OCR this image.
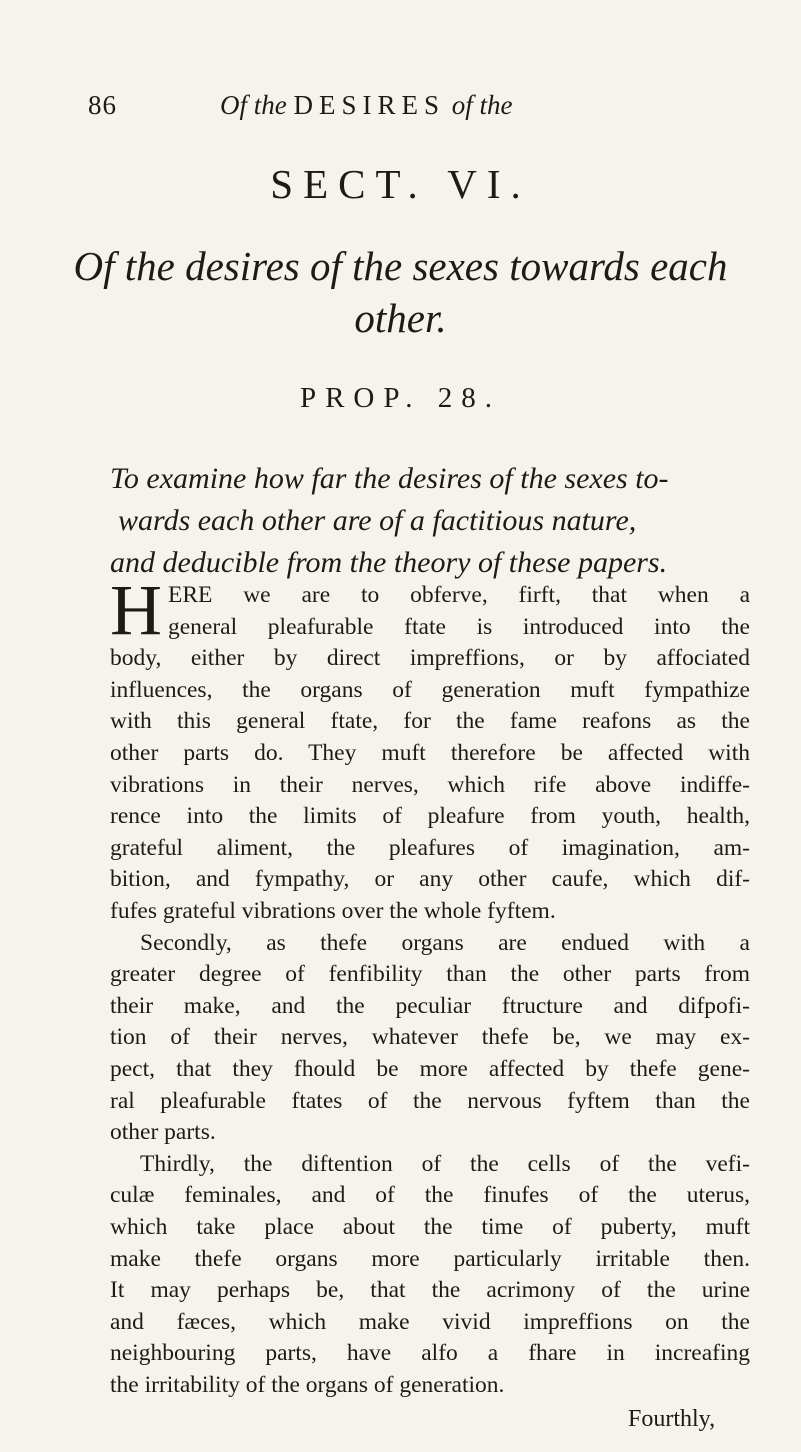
86	Of the DESIRES of the
SECT. VI.
Of the desires of the sexes towards each
other.
PROP. 28.
To examine how far the desires of the sexes to-
wards each other are of a factitious nature,
and deducible from the theory of these papers.
H ERE we are to obferve, firft, that when a
general pleafurable ftate is introduced into the
body, either by direct impreffions, or by affociated
influences, the organs of generation muft fympathize
with this general ftate, for the fame reafons as the
other parts do. They muft therefore be affected with
vibrations in their nerves, which rife above indiffe-
rence into the limits of pleafure from youth, health,
grateful aliment, the pleafures of imagination, am-
bition, and fympathy, or any other caufe, which dif-
fufes grateful vibrations over the whole fyftem.
Secondly, as thefe organs are endued with a
greater degree of fenfibility than the other parts from
their make, and the peculiar ftructure and difpofi-
tion of their nerves, whatever thefe be, we may ex-
pect, that they fhould be more affected by thefe gene-
ral pleafurable ftates of the nervous fyftem than the
other parts.
Thirdly, the diftention of the cells of the vefi-
culæ feminales, and of the finufes of the uterus,
which take place about the time of puberty, muft
make thefe organs more particularly irritable then.
It may perhaps be, that the acrimony of the urine
and fæces, which make vivid impreffions on the
neighbouring parts, have alfo a fhare in increafing
the irritability of the organs of generation.
Fourthly,
